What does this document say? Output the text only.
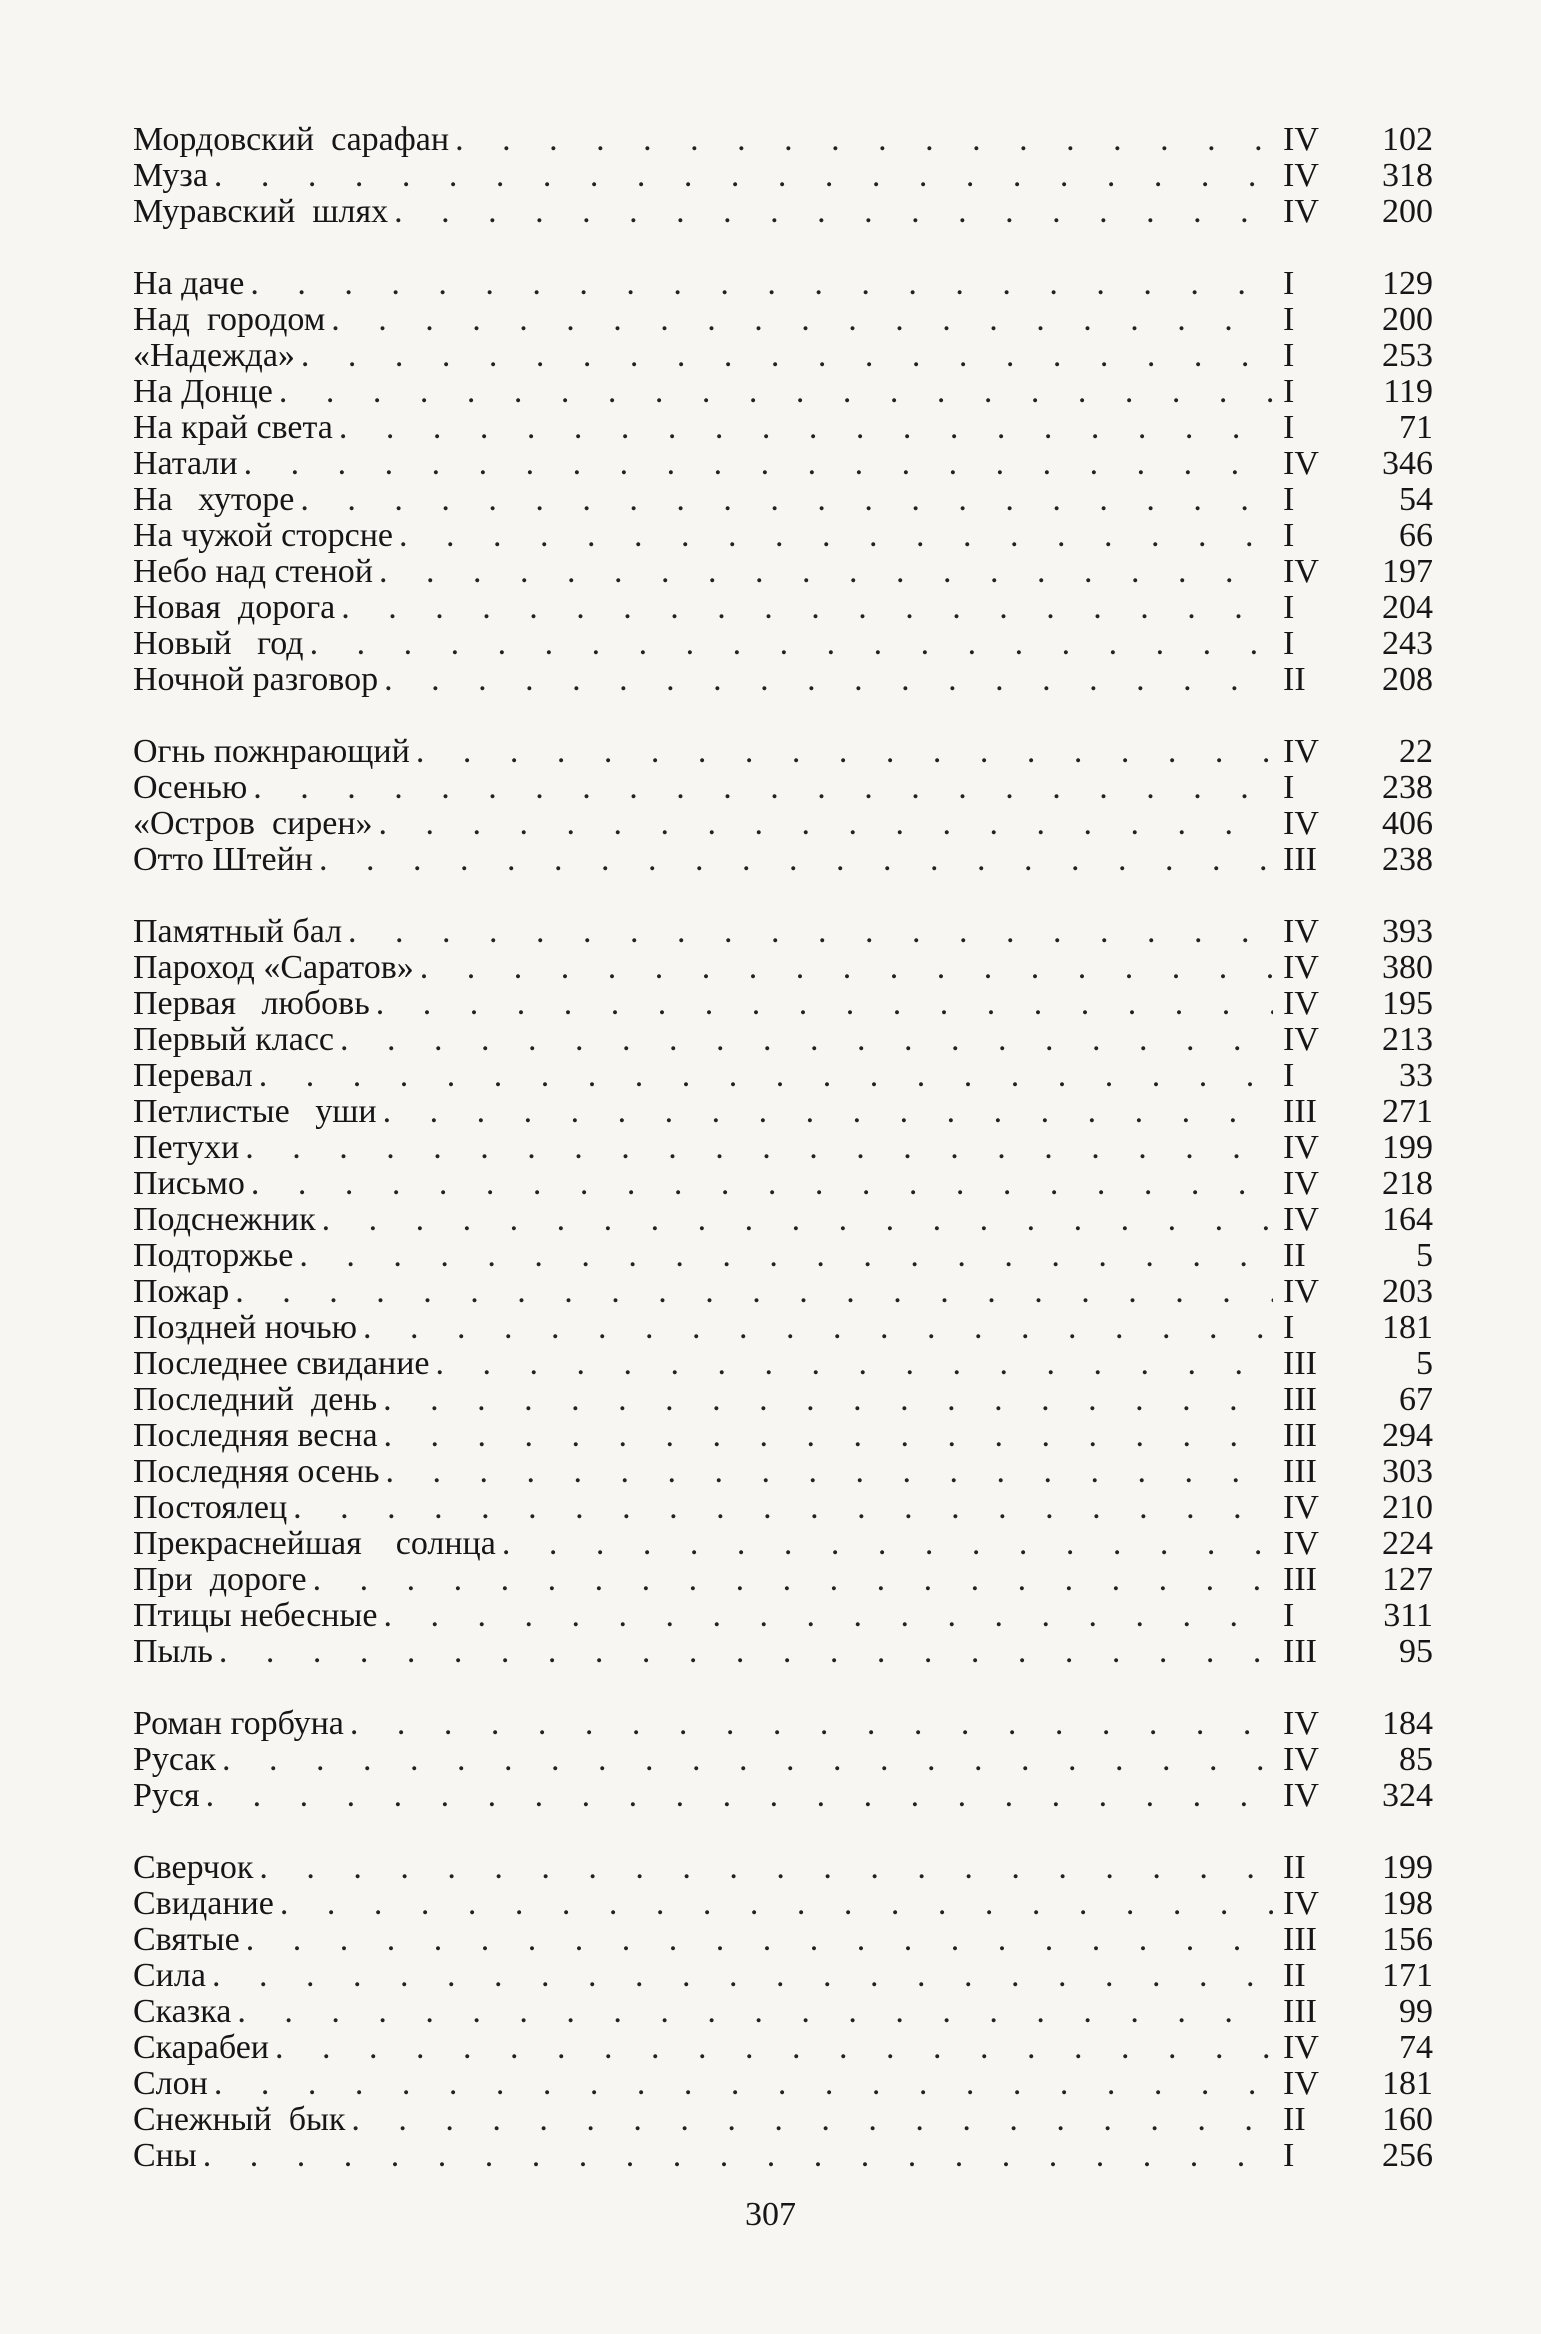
Мордовский  сарафан . . .	IV	102
Муза . . .	IV	318
Муравский  шлях . . .	IV	200
На даче . . .	I	129
Над  городом . . .	I	200
«Надежда» . . .	I	253
На Донце . . .	I	119
На край света . . .	I	71
Натали . . .	IV	346
На   хуторе . . .	I	54
На чужой сторсне . . .	I	66
Небо над стеной . . .	IV	197
Новая  дорога . . .	I	204
Новый   год . . .	I	243
Ночной разговор . . .	II	208
Огнь пожнрающий . . .	IV	22
Осенью . . .	I	238
«Остров  сирен» . . .	IV	406
Отто Штейн . . .	III	238
Памятный бал . . .	IV	393
Пароход «Саратов» . . .	IV	380
Первая   любовь . . .	IV	195
Первый класс . . .	IV	213
Перевал . . .	I	33
Петлистые   уши . . .	III	271
Петухи . . .	IV	199
Письмо . . .	IV	218
Подснежник . . .	IV	164
Подторжье . . .	II	5
Пожар . . .	IV	203
Поздней ночью . . .	I	181
Последнее свидание . . .	III	5
Последний  день . . .	III	67
Последняя весна . . .	III	294
Последняя осень . . .	III	303
Постоялец . . .	IV	210
Прекраснейшая    солнца . . .	IV	224
При  дороге . . .	III	127
Птицы небесные . . .	I	311
Пыль . . .	III	95
Роман горбуна . . .	IV	184
Русак . . .	IV	85
Руся . . .	IV	324
Сверчок . . .	II	199
Свидание . . .	IV	198
Святые . . .	III	156
Сила . . .	II	171
Сказка . . .	III	99
Скарабеи . . .	IV	74
Слон . . .	IV	181
Снежный  бык . . .	II	160
Сны . . .	I	256
307
